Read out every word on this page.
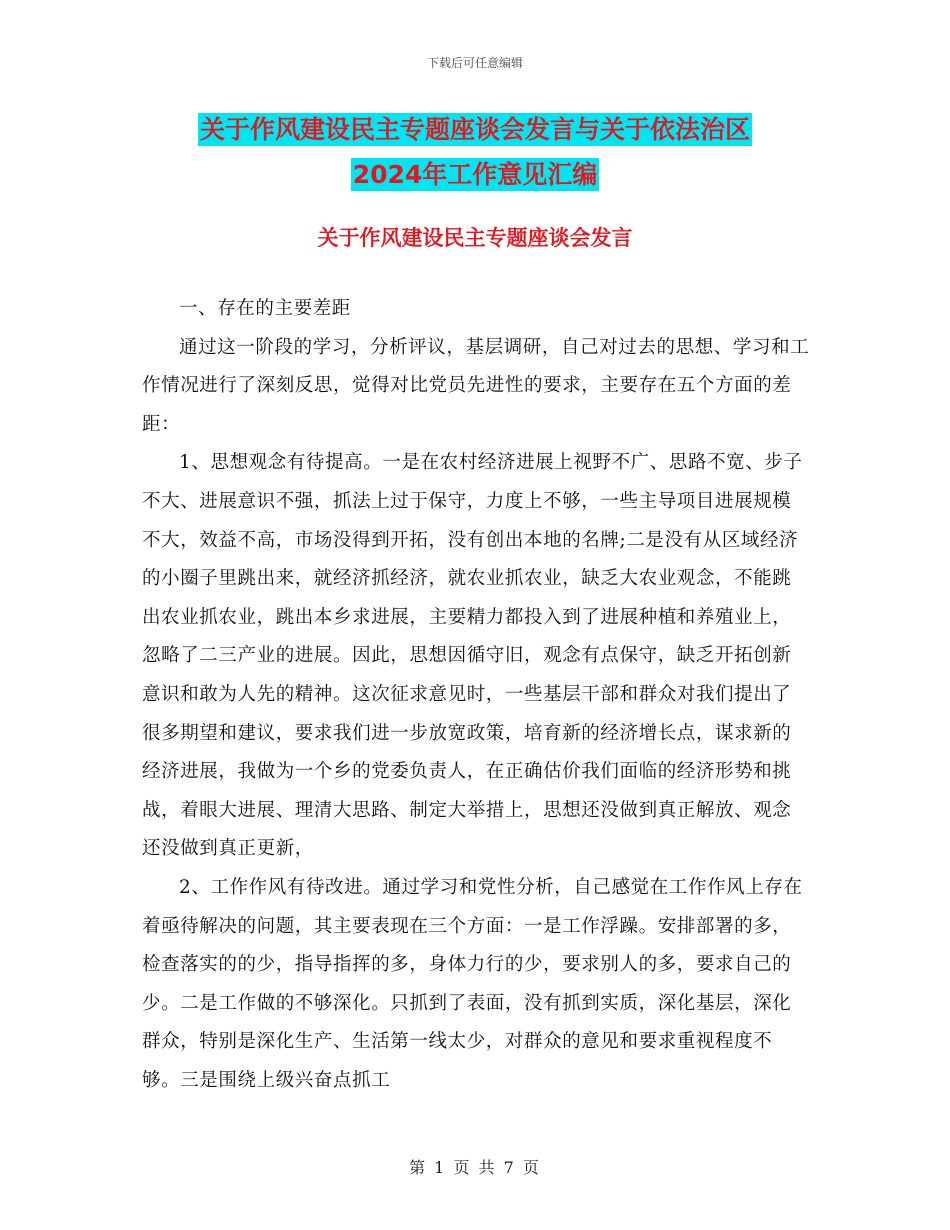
下载后可任意编辑
关于作风建设民主专题座谈会发言与关于依法治区
2024年工作意见汇编
关于作风建设民主专题座谈会发言

一、存在的主要差距

通过这一阶段的学习，分析评议，基层调研，自己对过去的思想、学习和工作情况进行了深刻反思，觉得对比党员先进性的要求，主要存在五个方面的差距：

1、思想观念有待提高。一是在农村经济进展上视野不广、思路不宽、步子不大、进展意识不强，抓法上过于保守，力度上不够，一些主导项目进展规模不大，效益不高，市场没得到开拓，没有创出本地的名牌;二是没有从区域经济的小圈子里跳出来，就经济抓经济，就农业抓农业，缺乏大农业观念，不能跳出农业抓农业，跳出本乡求进展，主要精力都投入到了进展种植和养殖业上，忽略了二三产业的进展。因此，思想因循守旧，观念有点保守，缺乏开拓创新意识和敢为人先的精神。这次征求意见时，一些基层干部和群众对我们提出了很多期望和建议，要求我们进一步放宽政策，培育新的经济增长点，谋求新的经济进展，我做为一个乡的党委负责人，在正确估价我们面临的经济形势和挑战，着眼大进展、理清大思路、制定大举措上，思想还没做到真正解放、观念还没做到真正更新，

2、工作作风有待改进。通过学习和党性分析，自己感觉在工作作风上存在着亟待解决的问题，其主要表现在三个方面：一是工作浮躁。安排部署的多，检查落实的的少，指导指挥的多，身体力行的少，要求别人的多，要求自己的少。二是工作做的不够深化。只抓到了表面，没有抓到实质，深化基层，深化群众，特别是深化生产、生活第一线太少，对群众的意见和要求重视程度不够。三是围绕上级兴奋点抓工

第 1 页 共 7 页
